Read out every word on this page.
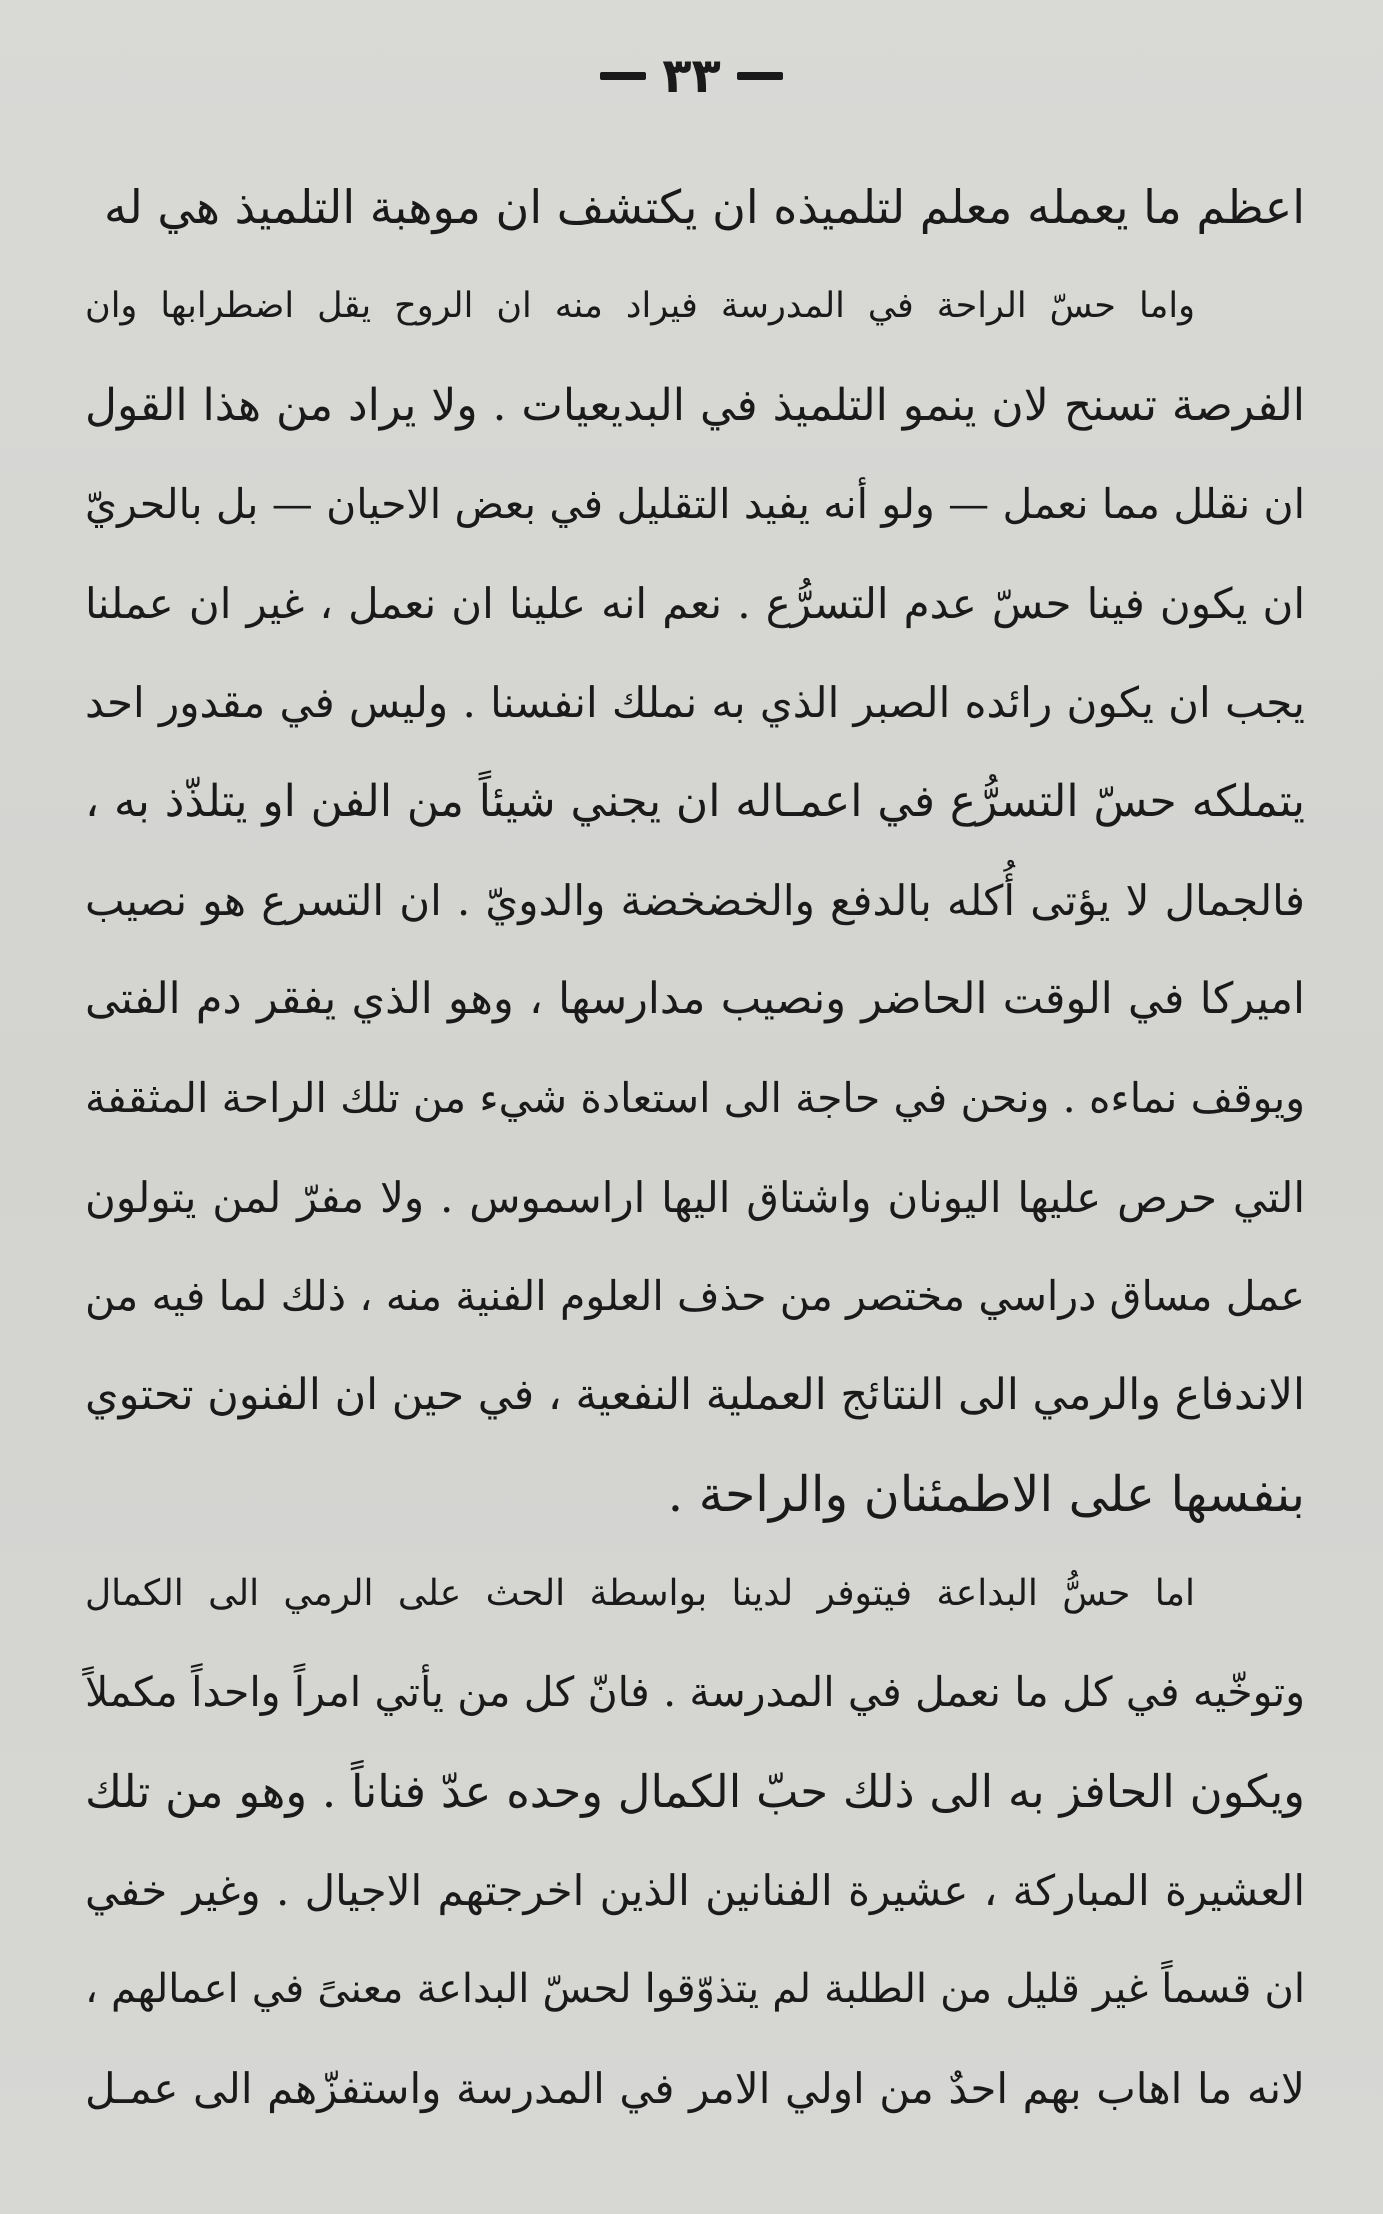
٣٣
اعظم ما يعمله معلم لتلميذه ان يكتشف ان موهبة التلميذ هي له
واما حسّ الراحة في المدرسة فيراد منه ان الروح يقل اضطرابها وان
الفرصة تسنح لان ينمو التلميذ في البديعيات . ولا يراد من هذا القول
ان نقلل مما نعمل — ولو أنه يفيد التقليل في بعض الاحيان — بل بالحريّ
ان يكون فينا حسّ عدم التسرُّع . نعم انه علينا ان نعمل ، غير ان عملنا
يجب ان يكون رائده الصبر الذي به نملك انفسنا . وليس في مقدور احد
يتملكه حسّ التسرُّع في اعمـاله ان يجني شيئاً من الفن او يتلذّذ به ،
فالجمال لا يؤتى أُكله بالدفع والخضخضة والدويّ . ان التسرع هو نصيب
اميركا في الوقت الحاضر ونصيب مدارسها ، وهو الذي يفقر دم الفتى
ويوقف نماءه . ونحن في حاجة الى استعادة شيء من تلك الراحة المثقفة
التي حرص عليها اليونان واشتاق اليها اراسموس . ولا مفرّ لمن يتولون
عمل مساق دراسي مختصر من حذف العلوم الفنية منه ، ذلك لما فيه من
الاندفاع والرمي الى النتائج العملية النفعية ، في حين ان الفنون تحتوي
بنفسها على الاطمئنان والراحة .
اما حسُّ البداعة فيتوفر لدينا بواسطة الحث على الرمي الى الكمال
وتوخّيه في كل ما نعمل في المدرسة . فانّ كل من يأتي امراً واحداً مكملاً
ويكون الحافز به الى ذلك حبّ الكمال وحده عدّ فناناً . وهو من تلك
العشيرة المباركة ، عشيرة الفنانين الذين اخرجتهم الاجيال . وغير خفي
ان قسماً غير قليل من الطلبة لم يتذوّقوا لحسّ البداعة معنىً في اعمالهم ،
لانه ما اهاب بهم احدٌ من اولي الامر في المدرسة واستفزّهم الى عمـل
